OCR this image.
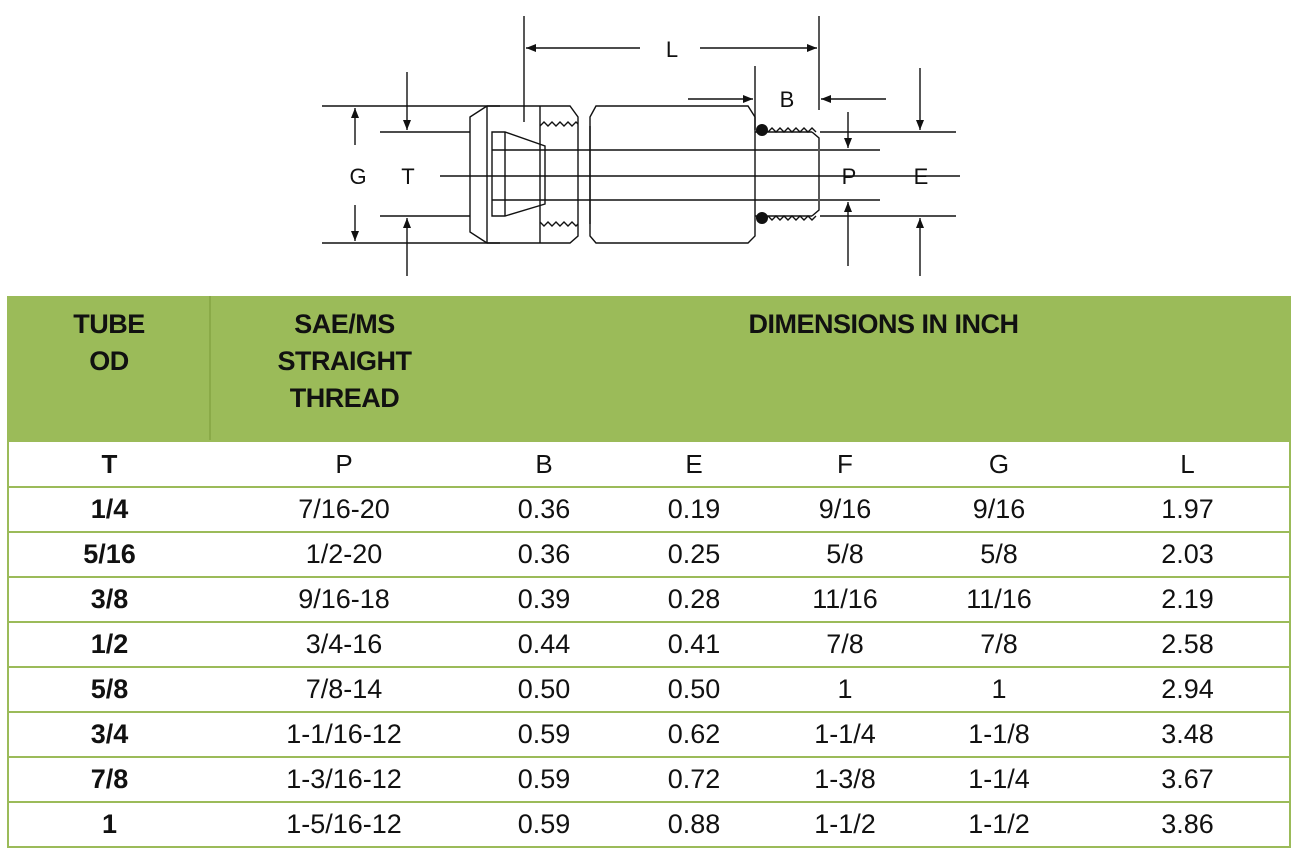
L
B
G T	P	E
TUBE
OD	SAE/MS
STRAIGHT
THREAD	DIMENSIONS IN INCH				
T	P	B	E	F	G	L
1/4	7/16-20	0.36	0.19	9/16	9/16	1.97
5/16	1/2-20	0.36	0.25	5/8	5/8	2.03
3/8	9/16-18	0.39	0.28	11/16	11/16	2.19
1/2	3/4-16	0.44	0.41	7/8	7/8	2.58
5/8	7/8-14	0.50	0.50	1	1	2.94
3/4	1-1/16-12	0.59	0.62	1-1/4	1-1/8	3.48
7/8	1-3/16-12	0.59	0.72	1-3/8	1-1/4	3.67
1	1-5/16-12	0.59	0.88	1-1/2	1-1/2	3.86
